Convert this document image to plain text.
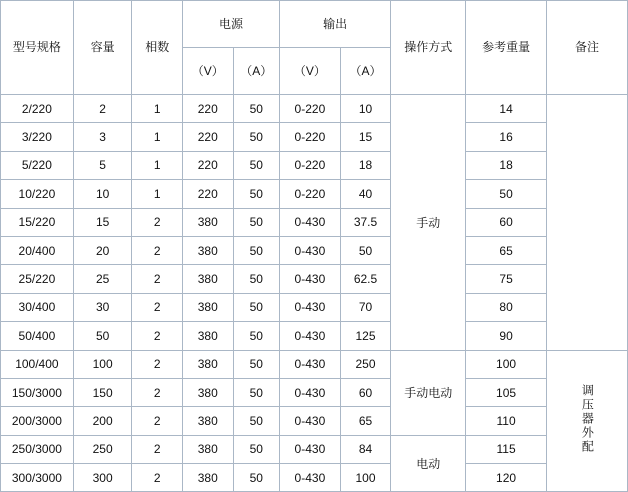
型号规格	容量	相数	电源		输出		操作方式	参考重量	备注
			（V）	（A）	（V）	（A）			
2/220	2	1	220	50	0-220	10	手动	14	
3/220	3	1	220	50	0-220	15		16	
5/220	5	1	220	50	0-220	18		18	
10/220	10	1	220	50	0-220	40		50	
15/220	15	2	380	50	0-430	37.5		60	
20/400	20	2	380	50	0-430	50		65	
25/220	25	2	380	50	0-430	62.5		75	
30/400	30	2	380	50	0-430	70		80	
50/400	50	2	380	50	0-430	125		90	
100/400	100	2	380	50	0-430	250	手动电动	100	调压器外配
150/3000	150	2	380	50	0-430	60		105	
200/3000	200	2	380	50	0-430	65		110	
250/3000	250	2	380	50	0-430	84	电动	115	
300/3000	300	2	380	50	0-430	100		120	
